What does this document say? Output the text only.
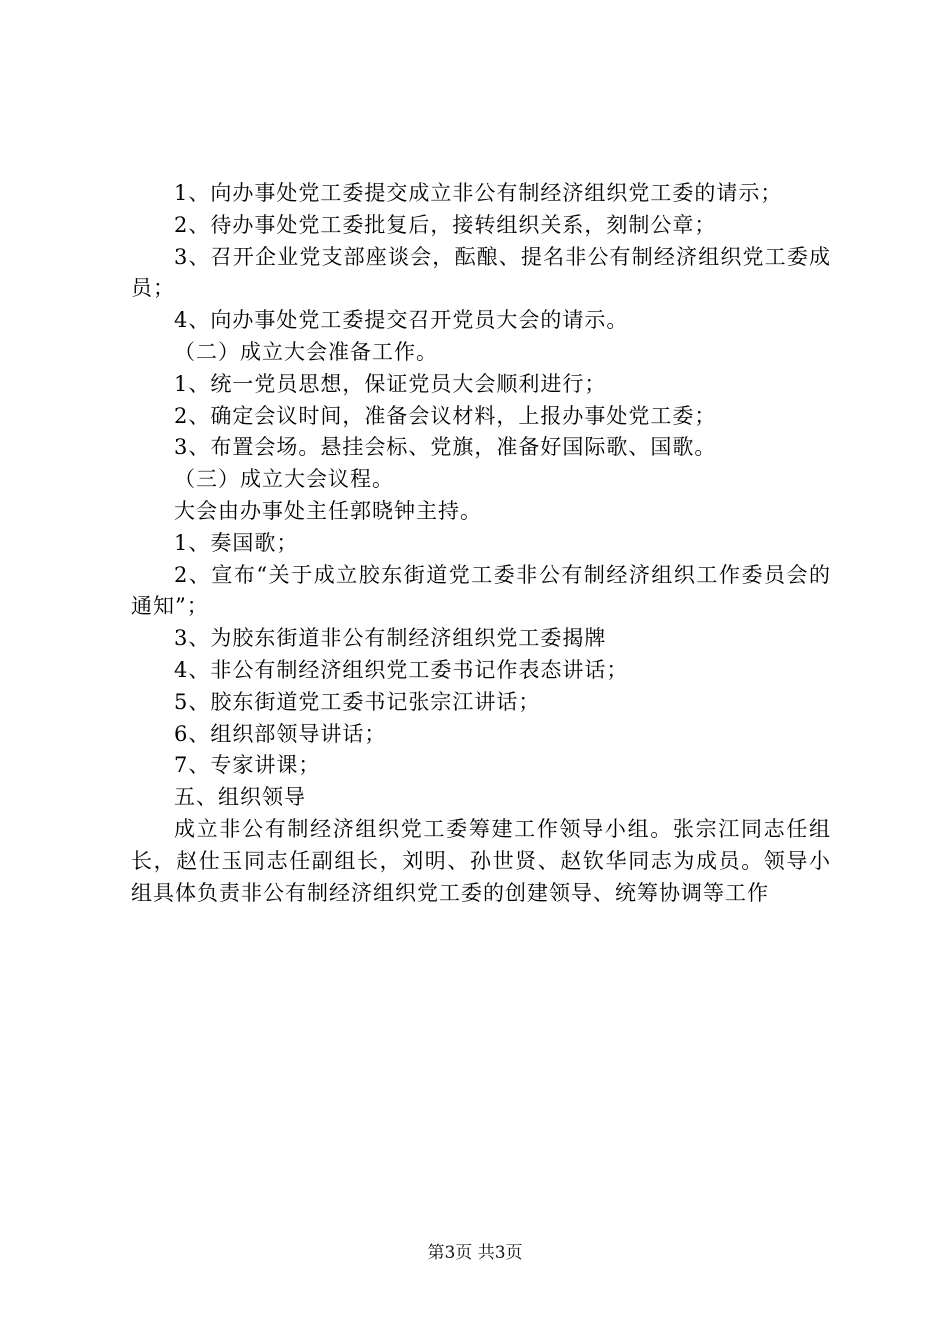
1、向办事处党工委提交成立非公有制经济组织党工委的请示；

2、待办事处党工委批复后，接转组织关系，刻制公章；

3、召开企业党支部座谈会，酝酿、提名非公有制经济组织党工委成员；

4、向办事处党工委提交召开党员大会的请示。

（二）成立大会准备工作。

1、统一党员思想，保证党员大会顺利进行；

2、确定会议时间，准备会议材料，上报办事处党工委；

3、布置会场。悬挂会标、党旗，准备好国际歌、国歌。

（三）成立大会议程。

大会由办事处主任郭晓钟主持。

1、奏国歌；

2、宣布“关于成立胶东街道党工委非公有制经济组织工作委员会的通知”；

3、为胶东街道非公有制经济组织党工委揭牌

4、非公有制经济组织党工委书记作表态讲话；

5、胶东街道党工委书记张宗江讲话；

6、组织部领导讲话；

7、专家讲课；

五、组织领导

成立非公有制经济组织党工委筹建工作领导小组。张宗江同志任组长，赵仕玉同志任副组长，刘明、孙世贤、赵钦华同志为成员。领导小组具体负责非公有制经济组织党工委的创建领导、统筹协调等工作

第3页 共3页
